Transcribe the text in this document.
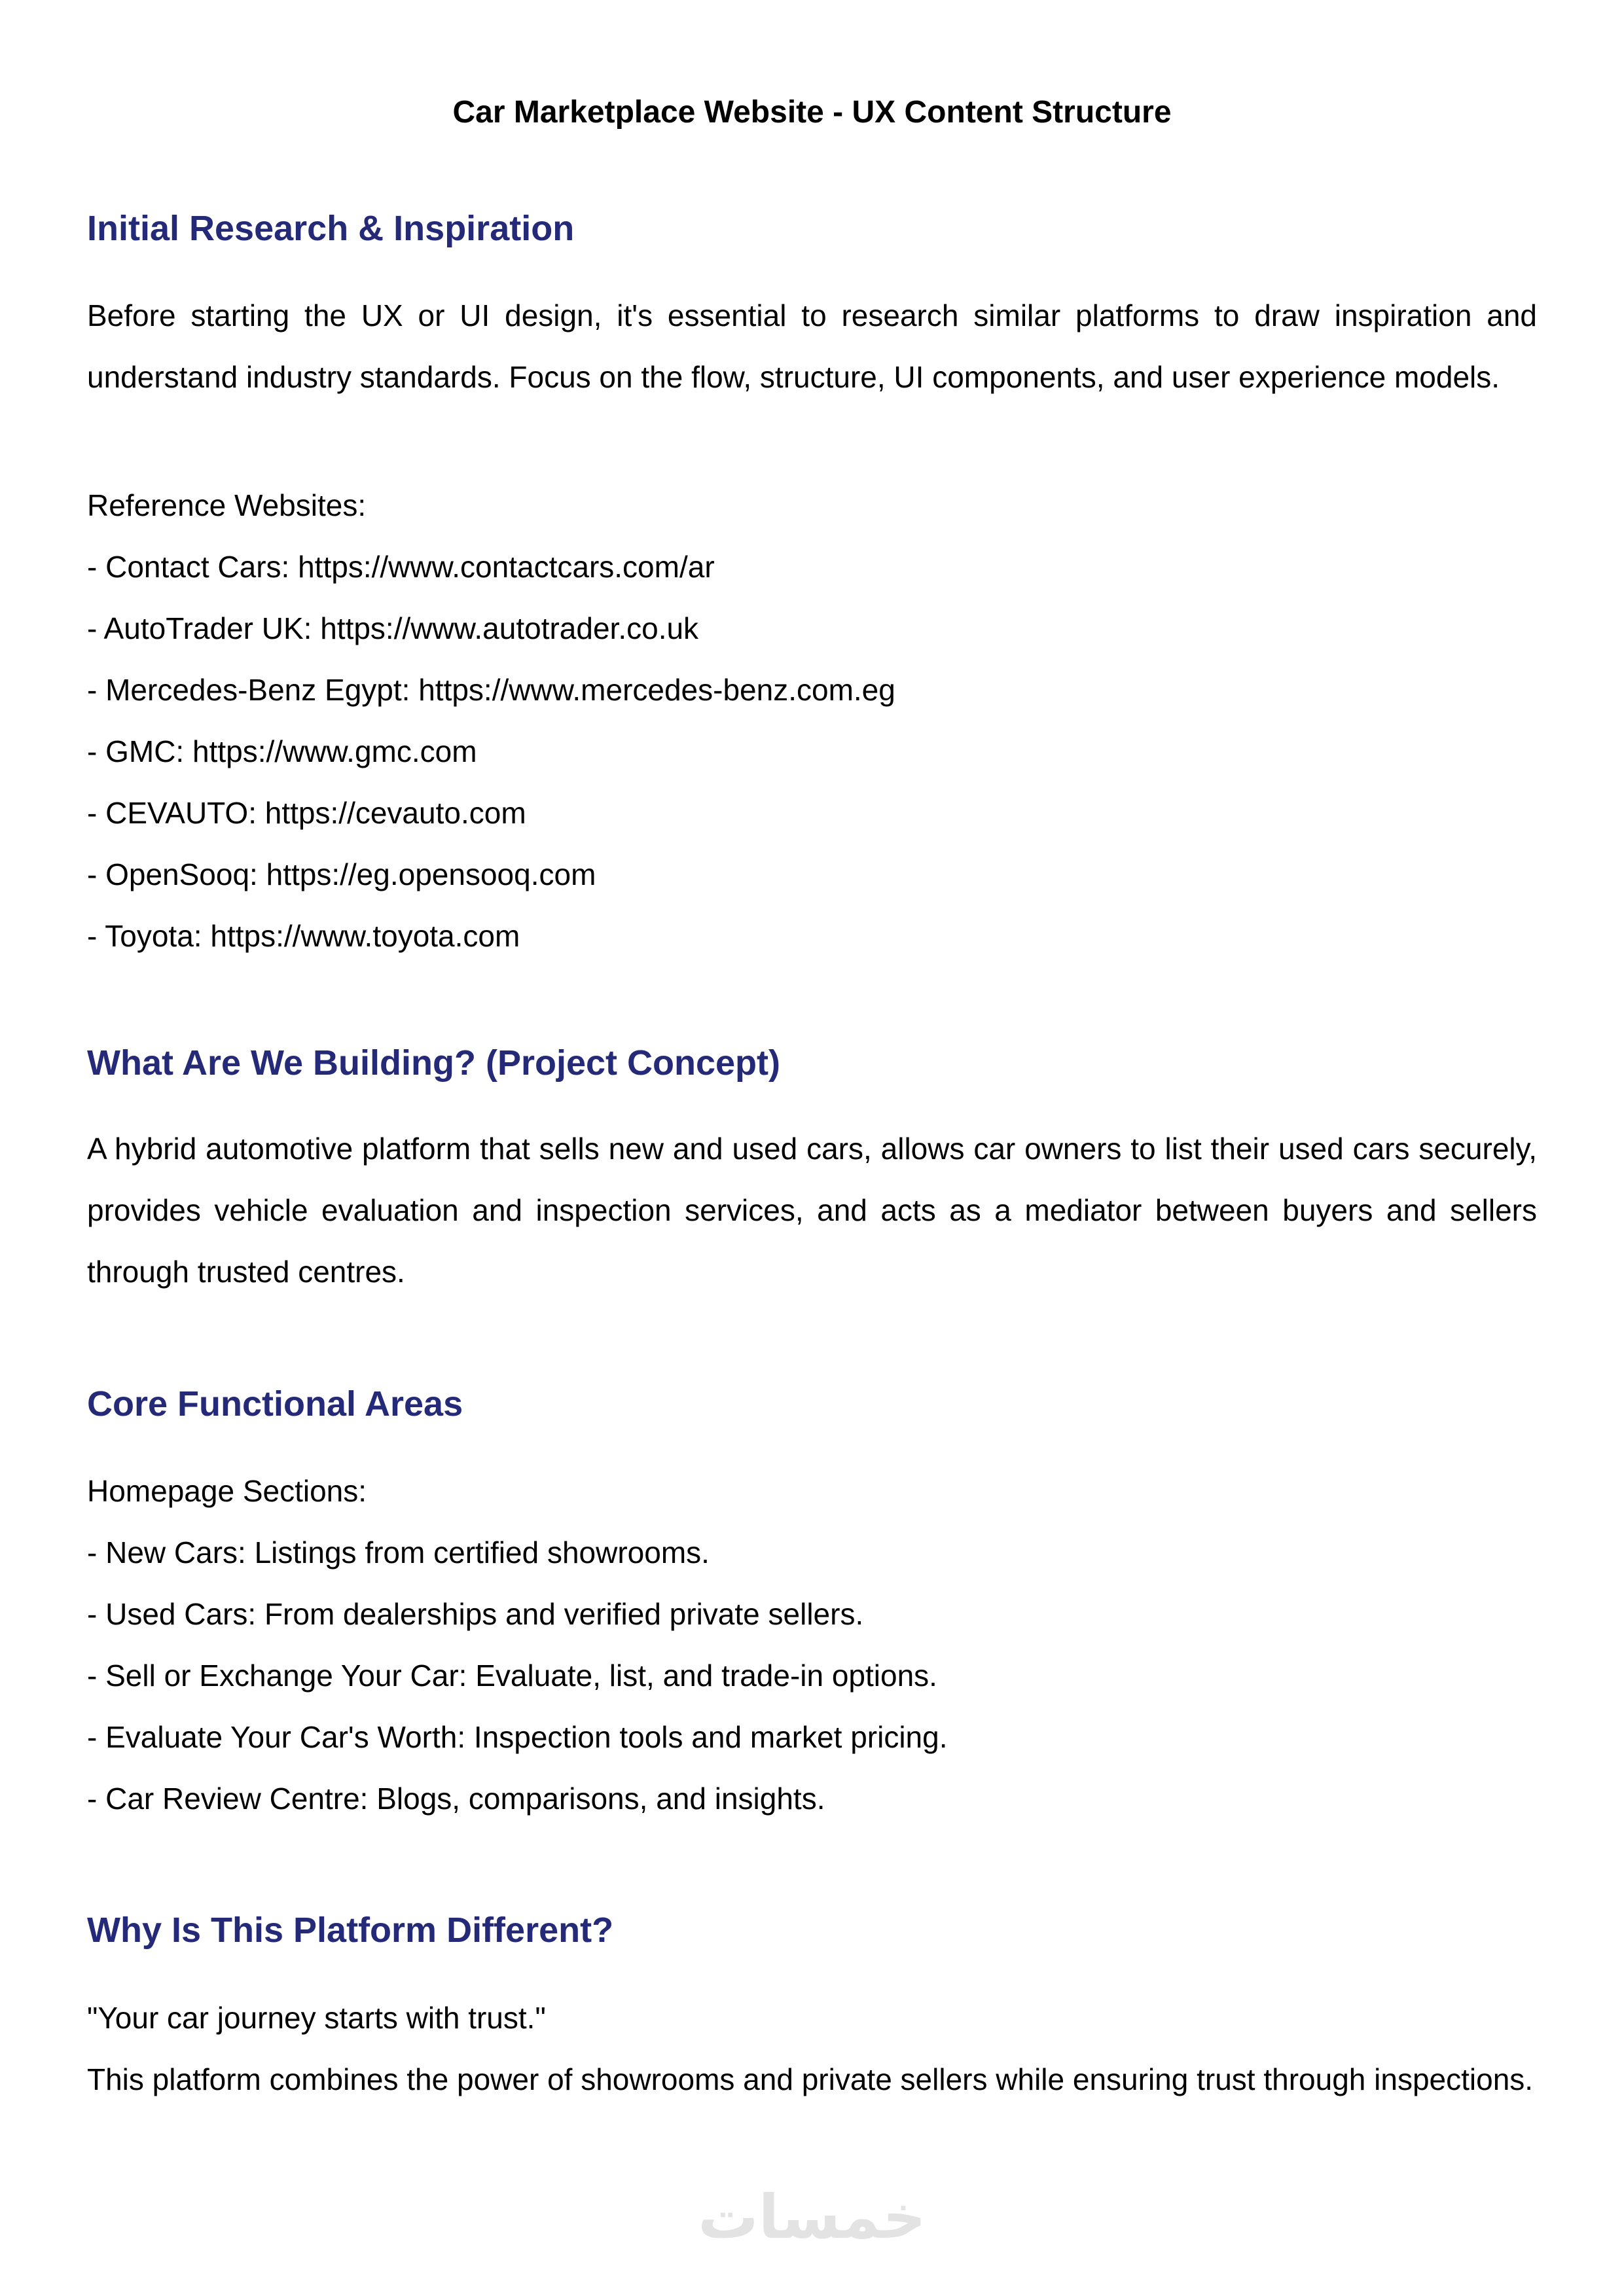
Car Marketplace Website - UX Content Structure
Initial Research & Inspiration
Before starting the UX or UI design, it's essential to research similar platforms to draw inspiration and
understand industry standards. Focus on the flow, structure, UI components, and user experience models.
Reference Websites:
- Contact Cars: https://www.contactcars.com/ar
- AutoTrader UK: https://www.autotrader.co.uk
- Mercedes-Benz Egypt: https://www.mercedes-benz.com.eg
- GMC: https://www.gmc.com
- CEVAUTO: https://cevauto.com
- OpenSooq: https://eg.opensooq.com
- Toyota: https://www.toyota.com
What Are We Building? (Project Concept)
A hybrid automotive platform that sells new and used cars, allows car owners to list their used cars securely,
provides vehicle evaluation and inspection services, and acts as a mediator between buyers and sellers
through trusted centres.
Core Functional Areas
Homepage Sections:
- New Cars: Listings from certified showrooms.
- Used Cars: From dealerships and verified private sellers.
- Sell or Exchange Your Car: Evaluate, list, and trade-in options.
- Evaluate Your Car's Worth: Inspection tools and market pricing.
- Car Review Centre: Blogs, comparisons, and insights.
Why Is This Platform Different?
"Your car journey starts with trust."
This platform combines the power of showrooms and private sellers while ensuring trust through inspections.
خمسات
